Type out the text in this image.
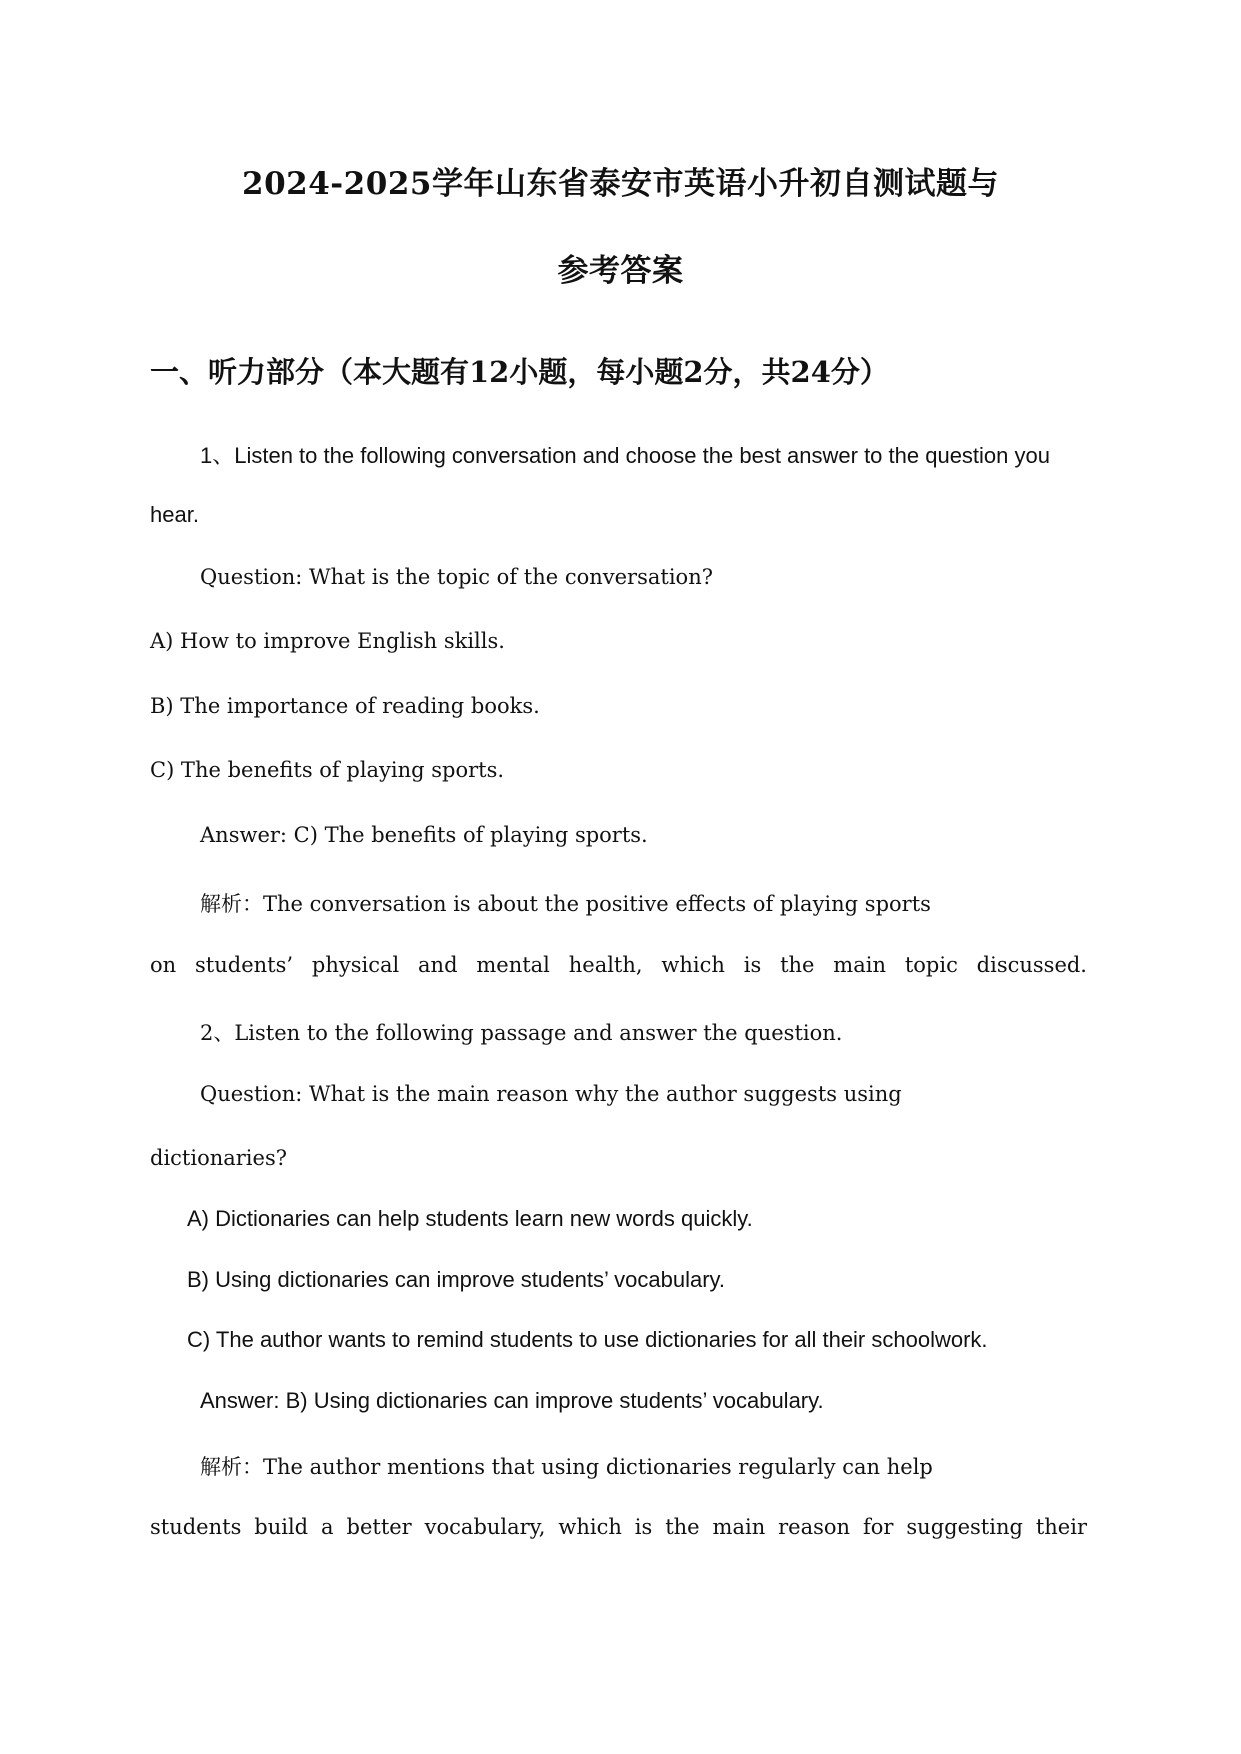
2024-2025学年山东省泰安市英语小升初自测试题与
参考答案
一、听力部分（本大题有12小题，每小题2分，共24分）
1、Listen to the following conversation and choose the best answer to the question you
hear.
Question: What is the topic of the conversation?
A) How to improve English skills.
B) The importance of reading books.
C) The benefits of playing sports.
Answer: C) The benefits of playing sports.
解析：The conversation is about the positive effects of playing sports
on students’ physical and mental health, which is the main topic discussed.
2、Listen to the following passage and answer the question.
Question: What is the main reason why the author suggests using
dictionaries?
A) Dictionaries can help students learn new words quickly.
B) Using dictionaries can improve students’ vocabulary.
C) The author wants to remind students to use dictionaries for all their schoolwork.
Answer: B) Using dictionaries can improve students’ vocabulary.
解析：The author mentions that using dictionaries regularly can help
students build a better vocabulary, which is the main reason for suggesting their
